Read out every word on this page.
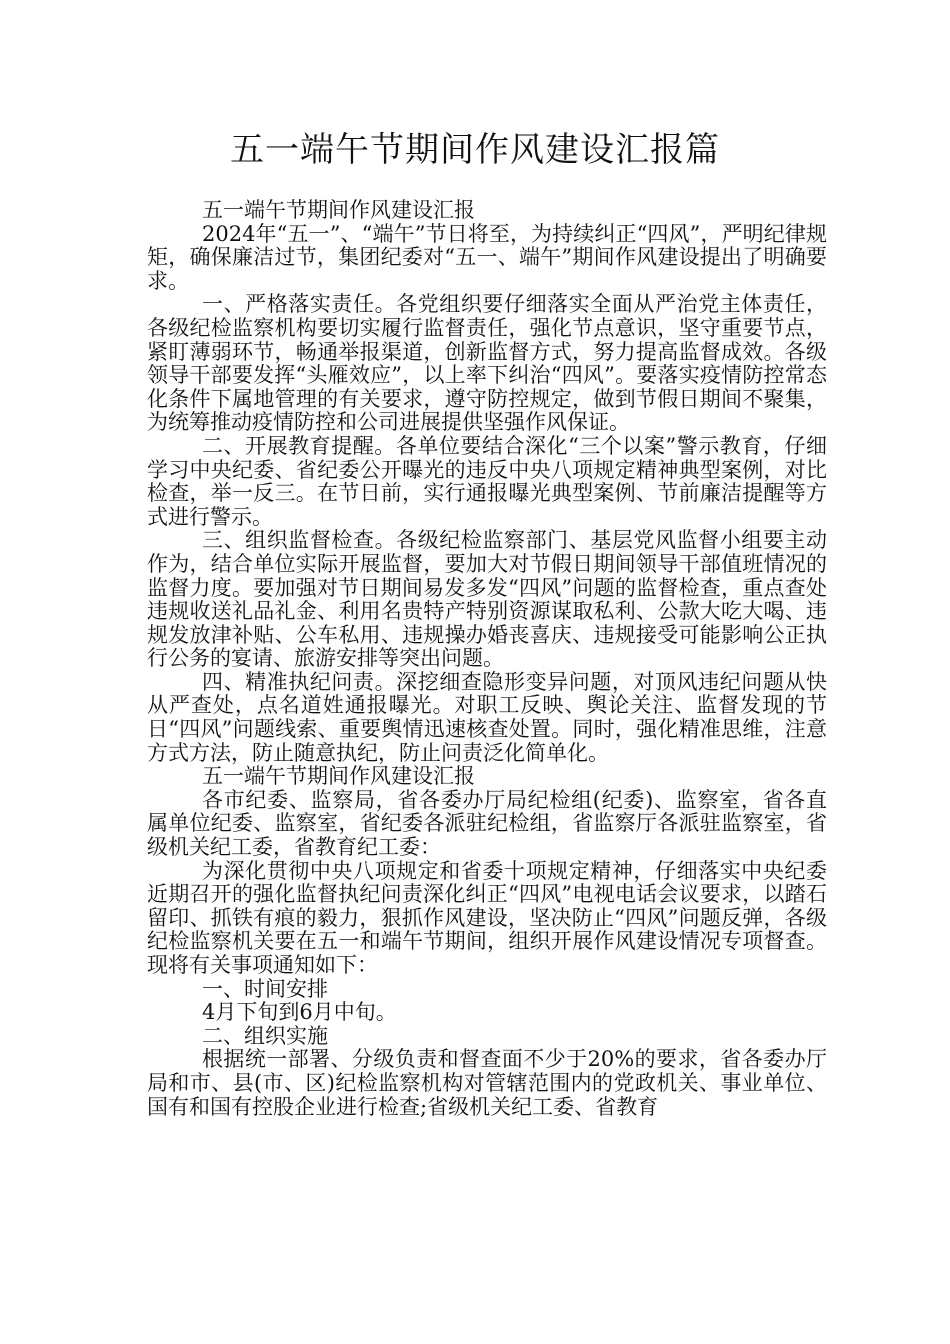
五一端午节期间作风建设汇报篇

五一端午节期间作风建设汇报

2024年“五一”、“端午”节日将至，为持续纠正“四风”，严明纪律规矩，确保廉洁过节，集团纪委对“五一、端午”期间作风建设提出了明确要求。

一、严格落实责任。各党组织要仔细落实全面从严治党主体责任，各级纪检监察机构要切实履行监督责任，强化节点意识，坚守重要节点，紧盯薄弱环节，畅通举报渠道，创新监督方式，努力提高监督成效。各级领导干部要发挥“头雁效应”，以上率下纠治“四风”。要落实疫情防控常态化条件下属地管理的有关要求，遵守防控规定，做到节假日期间不聚集，为统筹推动疫情防控和公司进展提供坚强作风保证。

二、开展教育提醒。各单位要结合深化“三个以案”警示教育，仔细学习中央纪委、省纪委公开曝光的违反中央八项规定精神典型案例，对比检查，举一反三。在节日前，实行通报曝光典型案例、节前廉洁提醒等方式进行警示。

三、组织监督检查。各级纪检监察部门、基层党风监督小组要主动作为，结合单位实际开展监督，要加大对节假日期间领导干部值班情况的监督力度。要加强对节日期间易发多发“四风”问题的监督检查，重点查处违规收送礼品礼金、利用名贵特产特别资源谋取私利、公款大吃大喝、违规发放津补贴、公车私用、违规操办婚丧喜庆、违规接受可能影响公正执行公务的宴请、旅游安排等突出问题。

四、精准执纪问责。深挖细查隐形变异问题，对顶风违纪问题从快从严查处，点名道姓通报曝光。对职工反映、舆论关注、监督发现的节日“四风”问题线索、重要舆情迅速核查处置。同时，强化精准思维，注意方式方法，防止随意执纪，防止问责泛化简单化。

五一端午节期间作风建设汇报

各市纪委、监察局，省各委办厅局纪检组(纪委)、监察室，省各直属单位纪委、监察室，省纪委各派驻纪检组，省监察厅各派驻监察室，省级机关纪工委，省教育纪工委：

为深化贯彻中央八项规定和省委十项规定精神，仔细落实中央纪委近期召开的强化监督执纪问责深化纠正“四风”电视电话会议要求，以踏石留印、抓铁有痕的毅力，狠抓作风建设，坚决防止“四风”问题反弹，各级纪检监察机关要在五一和端午节期间，组织开展作风建设情况专项督查。现将有关事项通知如下：

一、时间安排

4月下旬到6月中旬。

二、组织实施

根据统一部署、分级负责和督查面不少于20%的要求，省各委办厅局和市、县(市、区)纪检监察机构对管辖范围内的党政机关、事业单位、国有和国有控股企业进行检查;省级机关纪工委、省教育
